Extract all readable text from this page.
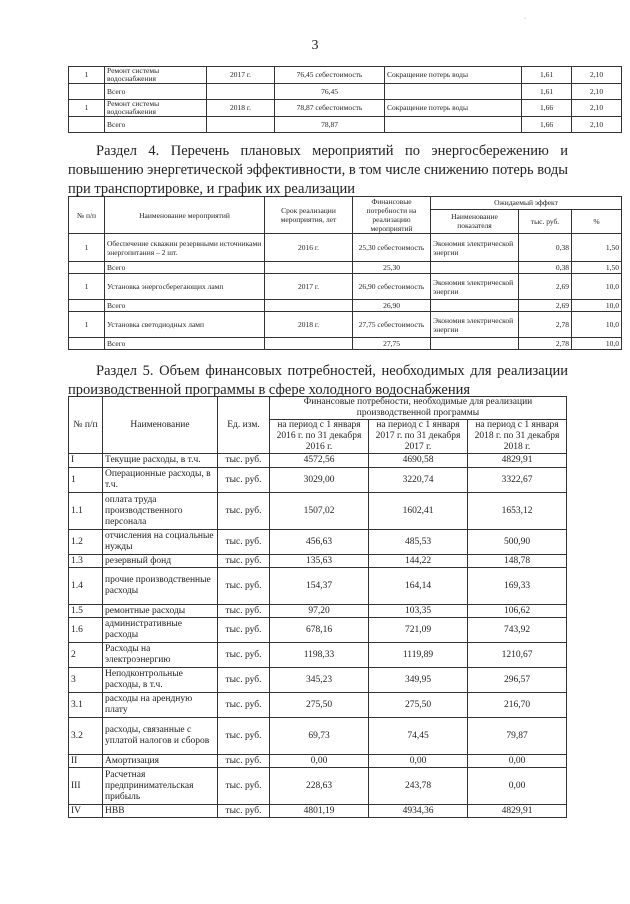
3
1	Ремонт системы водоснабжения	2017 г.	76,45 себестоимость	Сокращение потерь воды	1,61	2,10
	Всего		76,45		1,61	2,10
1	Ремонт системы водоснабжения	2018 г.	78,87 себестоимость	Сокращение потерь воды	1,66	2,10
	Всего		78,87		1,66	2,10
Раздел 4. Перечень плановых мероприятий по энергосбережению и повышению энергетической эффективности, в том числе снижению потерь воды при транспортировке, и график их реализации
№ п/п	Наименование мероприятий	Срок реализации мероприятия, лет	Финансовые потребности на реализацию мероприятий	Ожидаемый эффект		
				Наименование показателя	тыс. руб.	%
1	Обеспечение скважин резервными источниками энергопитания – 2 шт.	2016 г.	25,30 себестоимость	Экономия электрической энергии	0,38	1,50
	Всего		25,30		0,38	1,50
1	Установка энергосберегающих ламп	2017 г.	26,90 себестоимость	Экономия электрической энергии	2,69	10,0
	Всего		26,90		2,69	10,0
1	Установка светодиодных ламп	2018 г.	27,75 себестоимость	Экономия электрической энергии	2,78	10,0
	Всего		27,75		2,78	10,0
Раздел 5. Объем финансовых потребностей, необходимых для реализации производственной программы в сфере холодного водоснабжения
№ п/п	Наименование	Ед. изм.	Финансовые потребности, необходимые для реализации производственной программы		
			на период с 1 января 2016 г. по 31 декабря 2016 г.	на период с 1 января 2017 г. по 31 декабря 2017 г.	на период с 1 января 2018 г. по 31 декабря 2018 г.
I	Текущие расходы, в т.ч.	тыс. руб.	4572,56	4690,58	4829,91
1	Операционные расходы, в т.ч.	тыс. руб.	3029,00	3220,74	3322,67
1.1	оплата труда производственного персонала	тыс. руб.	1507,02	1602,41	1653,12
1.2	отчисления на социальные нужды	тыс. руб.	456,63	485,53	500,90
1.3	резервный фонд	тыс. руб.	135,63	144,22	148,78
1.4	прочие производственные расходы	тыс. руб.	154,37	164,14	169,33
1.5	ремонтные расходы	тыс. руб.	97,20	103,35	106,62
1.6	административные расходы	тыс. руб.	678,16	721,09	743,92
2	Расходы на электроэнергию	тыс. руб.	1198,33	1119,89	1210,67
3	Неподконтрольные расходы, в т.ч.	тыс. руб.	345,23	349,95	296,57
3.1	расходы на арендную плату	тыс. руб.	275,50	275,50	216,70
3.2	расходы, связанные с уплатой налогов и сборов	тыс. руб.	69,73	74,45	79,87
II	Амортизация	тыс. руб.	0,00	0,00	0,00
III	Расчетная предпринимательская прибыль	тыс. руб.	228,63	243,78	0,00
IV	НВВ	тыс. руб.	4801,19	4934,36	4829,91
·
